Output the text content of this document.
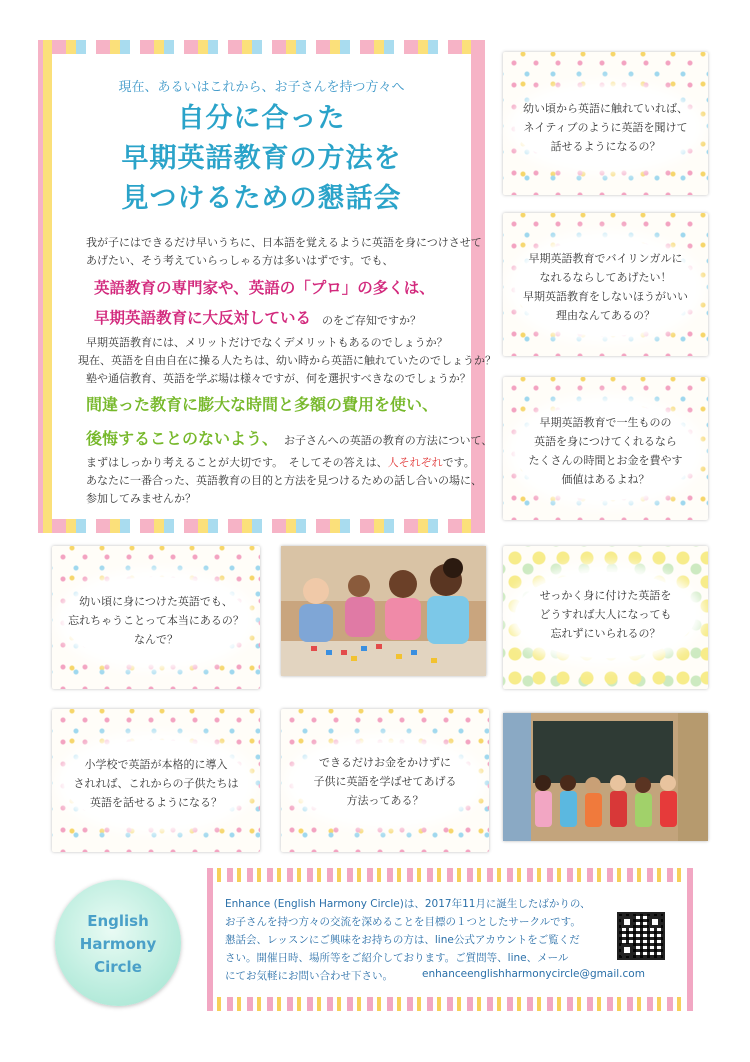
現在、あるいはこれから、お子さんを持つ方々へ
自分に合った
早期英語教育の方法を
見つけるための懇話会
我が子にはできるだけ早いうちに、日本語を覚えるように英語を身につけさせて
あげたい、そう考えていらっしゃる方は多いはずです。でも、
英語教育の専門家や、英語の「プロ」の多くは、
早期英語教育に大反対している のをご存知ですか？
早期英語教育には、メリットだけでなくデメリットもあるのでしょうか？
現在、英語を自由自在に操る人たちは、幼い時から英語に触れていたのでしょうか？
塾や通信教育、英語を学ぶ場は様々ですが、何を選択すべきなのでしょうか？
間違った教育に膨大な時間と多額の費用を使い、
後悔することのないよう、 お子さんへの英語の教育の方法について、
まずはしっかり考えることが大切です。　そしてその答えは、人それぞれです。
あなたに一番合った、英語教育の目的と方法を見つけるための話し合いの場に、
参加してみませんか？
幼い頃から英語に触れていれば、
ネイティブのように英語を聞けて
話せるようになるの？
早期英語教育でバイリンガルに
なれるならしてあげたい！
早期英語教育をしないほうがいい
理由なんてあるの？
早期英語教育で一生ものの
英語を身につけてくれるなら
たくさんの時間とお金を費やす
価値はあるよね？
幼い頃に身につけた英語でも、
忘れちゃうことって本当にあるの？
なんで？
せっかく身に付けた英語を
どうすれば大人になっても
忘れずにいられるの？
小学校で英語が本格的に導入
されれば、これからの子供たちは
英語を話せるようになる？
できるだけお金をかけずに
子供に英語を学ばせてあげる
方法ってある？
English
Harmony
Circle
Enhance (English Harmony Circle)は、2017年11月に誕生したばかりの、
お子さんを持つ方々の交流を深めることを目標の１つとしたサークルです。
懇話会、レッスンにご興味をお持ちの方は、line公式アカウントをご覧くだ
さい。開催日時、場所等をご紹介しております。ご質問等、line、メール
にてお気軽にお問い合わせ下さい。	enhanceenglishharmonycircle@gmail.com
